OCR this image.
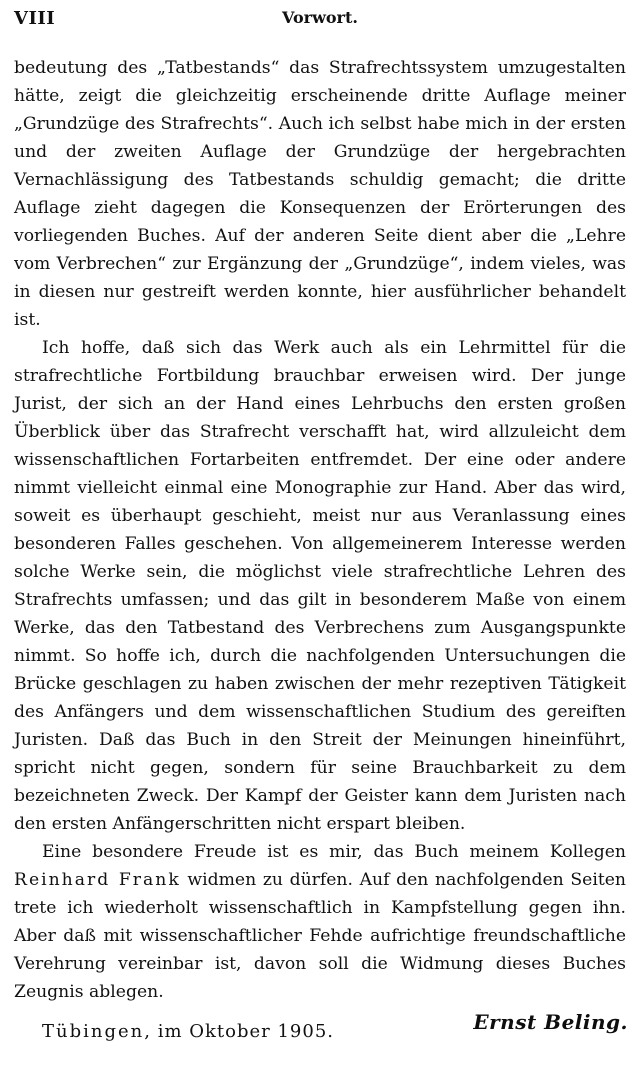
VIII	Vorwort.

bedeutung des „Tatbestands“ das Strafrechtssystem umzugestalten hätte, zeigt die gleichzeitig erscheinende dritte Auflage meiner „Grundzüge des Strafrechts“. Auch ich selbst habe mich in der ersten und der zweiten Auflage der Grundzüge der hergebrachten Vernachlässigung des Tatbestands schuldig gemacht; die dritte Auflage zieht dagegen die Konsequenzen der Erörterungen des vorliegenden Buches. Auf der anderen Seite dient aber die „Lehre vom Verbrechen“ zur Ergänzung der „Grundzüge“, indem vieles, was in diesen nur gestreift werden konnte, hier ausführlicher behandelt ist.

Ich hoffe, daß sich das Werk auch als ein Lehrmittel für die strafrechtliche Fortbildung brauchbar erweisen wird. Der junge Jurist, der sich an der Hand eines Lehrbuchs den ersten großen Überblick über das Strafrecht verschafft hat, wird allzuleicht dem wissenschaftlichen Fortarbeiten entfremdet. Der eine oder andere nimmt vielleicht einmal eine Monographie zur Hand. Aber das wird, soweit es überhaupt geschieht, meist nur aus Veranlassung eines besonderen Falles geschehen. Von allgemeinerem Interesse werden solche Werke sein, die möglichst viele strafrechtliche Lehren des Strafrechts umfassen; und das gilt in besonderem Maße von einem Werke, das den Tatbestand des Verbrechens zum Ausgangspunkte nimmt. So hoffe ich, durch die nachfolgenden Untersuchungen die Brücke geschlagen zu haben zwischen der mehr rezeptiven Tätigkeit des Anfängers und dem wissenschaftlichen Studium des gereiften Juristen. Daß das Buch in den Streit der Meinungen hineinführt, spricht nicht gegen, sondern für seine Brauchbarkeit zu dem bezeichneten Zweck. Der Kampf der Geister kann dem Juristen nach den ersten Anfängerschritten nicht erspart bleiben.

Eine besondere Freude ist es mir, das Buch meinem Kollegen Reinhard Frank widmen zu dürfen. Auf den nachfolgenden Seiten trete ich wiederholt wissenschaftlich in Kampfstellung gegen ihn. Aber daß mit wissenschaftlicher Fehde aufrichtige freundschaftliche Verehrung vereinbar ist, davon soll die Widmung dieses Buches Zeugnis ablegen.

Tübingen, im Oktober 1905.	Ernst Beling.
